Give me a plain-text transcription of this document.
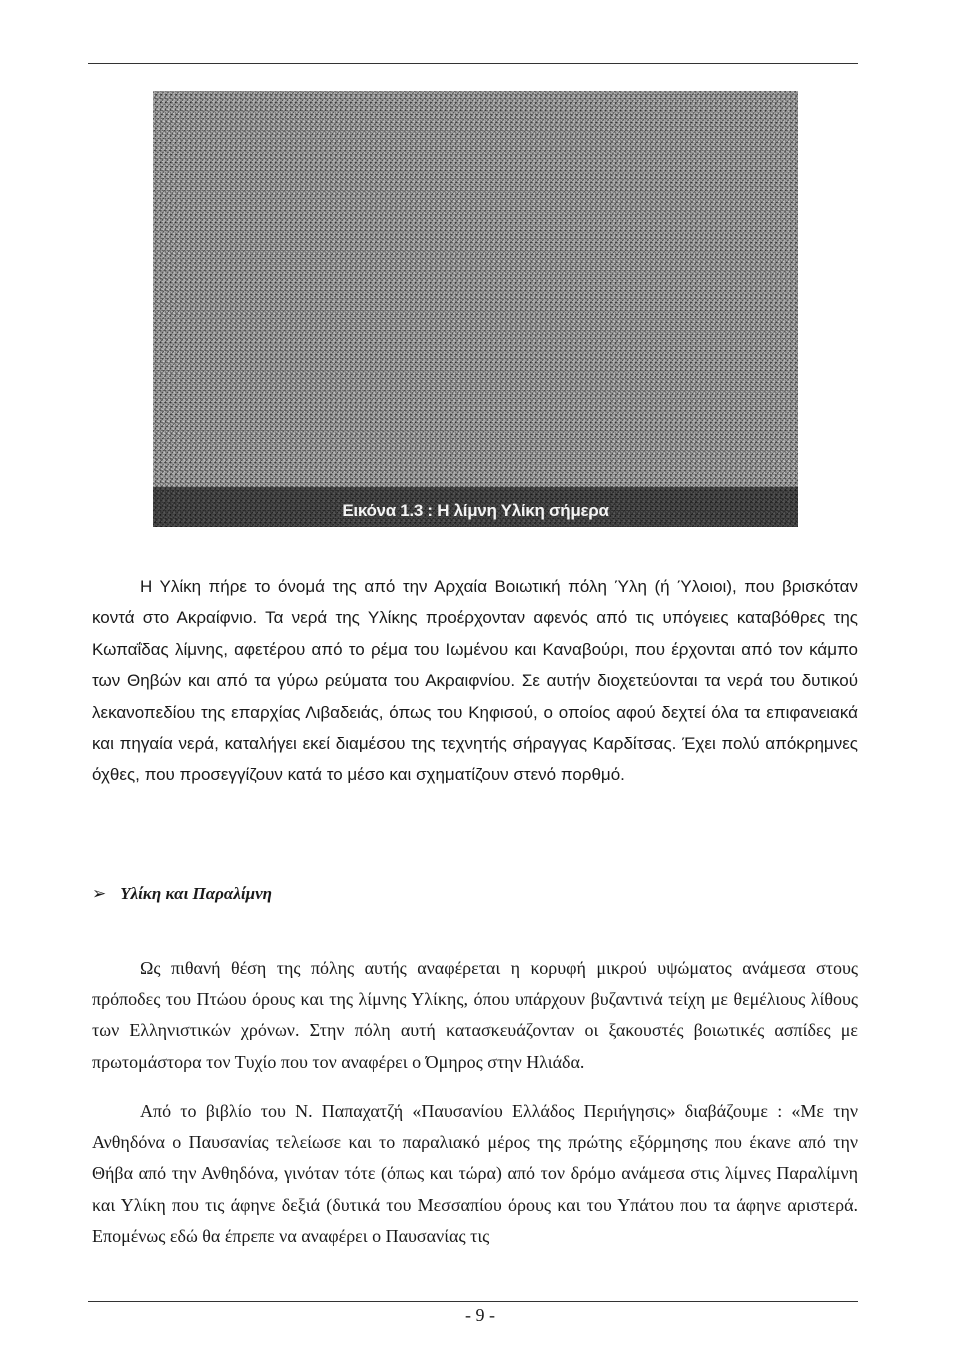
Εικόνα 1.3 : Η λίμνη Υλίκη σήμερα

Η Υλίκη πήρε το όνομά της από την Αρχαία Βοιωτική πόλη Ύλη (ή Ύλοιοι), που βρισκόταν κοντά στο Ακραίφνιο. Τα νερά της Υλίκης προέρχονταν αφενός από τις υπόγειες καταβόθρες της Κωπαΐδας λίμνης, αφετέρου από το ρέμα του Ιωμένου και Καναβούρι, που έρχονται από τον κάμπο των Θηβών και από τα γύρω ρεύματα του Ακραιφνίου. Σε αυτήν διοχετεύονται τα νερά του δυτικού λεκανοπεδίου της επαρχίας Λιβαδειάς, όπως του Κηφισού, ο οποίος αφού δεχτεί όλα τα επιφανειακά και πηγαία νερά, καταλήγει εκεί διαμέσου της τεχνητής σήραγγας Καρδίτσας. Έχει πολύ απόκρημνες όχθες, που προσεγγίζουν κατά το μέσο και σχηματίζουν στενό πορθμό.

➢ Υλίκη και Παραλίμνη

Ως πιθανή θέση της πόλης αυτής αναφέρεται η κορυφή μικρού υψώματος ανάμεσα στους πρόποδες του Πτώου όρους και της λίμνης Υλίκης, όπου υπάρχουν βυζαντινά τείχη με θεμέλιους λίθους των Ελληνιστικών χρόνων. Στην πόλη αυτή κατασκευάζονταν οι ξακουστές βοιωτικές ασπίδες με πρωτομάστορα τον Τυχίο που τον αναφέρει ο Όμηρος στην Ηλιάδα.

Από το βιβλίο του Ν. Παπαχατζή «Παυσανίου Ελλάδος Περιήγησις» διαβάζουμε : «Με την Ανθηδόνα ο Παυσανίας τελείωσε και το παραλιακό μέρος της πρώτης εξόρμησης που έκανε από την Θήβα από την Ανθηδόνα, γινόταν τότε (όπως και τώρα) από τον δρόμο ανάμεσα στις λίμνες Παραλίμνη και Υλίκη που τις άφηνε δεξιά (δυτικά του Μεσσαπίου όρους και του Υπάτου που τα άφηνε αριστερά. Επομένως εδώ θα έπρεπε να αναφέρει ο Παυσανίας τις

- 9 -
